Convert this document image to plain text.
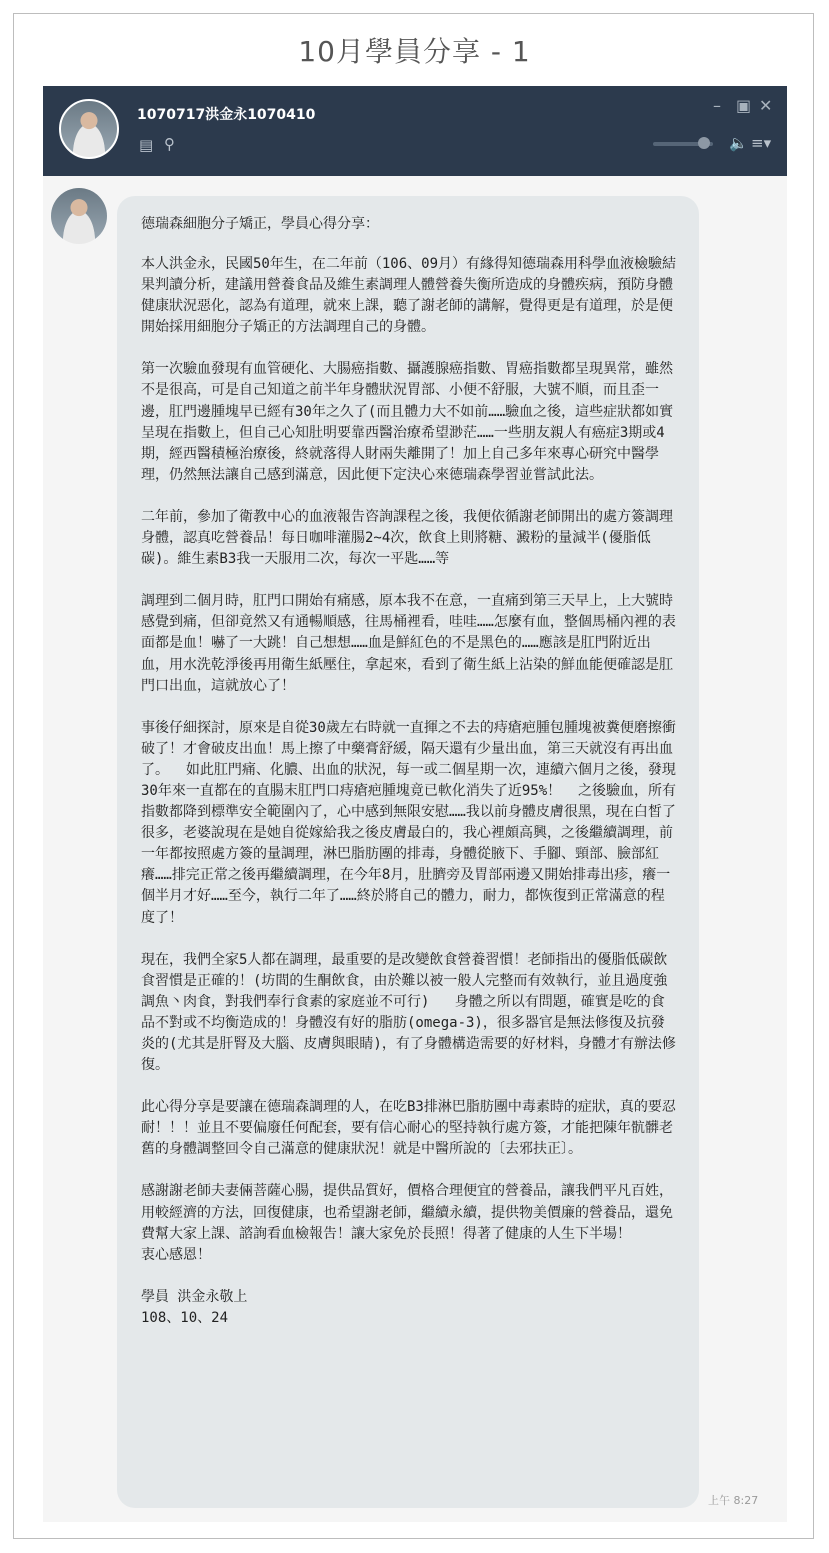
10月學員分享 - 1
1070717洪金永1070410
▤ ⚲
– ▣ ✕
🔈 ≡▾

德瑞森細胞分子矯正，學員心得分享：

本人洪金永，民國50年生，在二年前（106、09月）有緣得知德瑞森用科學血液檢驗結果判讀分析，建議用營養食品及維生素調理人體營養失衡所造成的身體疾病，預防身體健康狀況惡化，認為有道理，就來上課，聽了謝老師的講解，覺得更是有道理，於是便開始採用細胞分子矯正的方法調理自己的身體。

第一次驗血發現有血管硬化、大腸癌指數、攝護腺癌指數、胃癌指數都呈現異常，雖然不是很高，可是自己知道之前半年身體狀況胃部、小便不舒服，大號不順，而且歪一邊，肛門邊腫塊早已經有30年之久了(而且體力大不如前……驗血之後，這些症狀都如實呈現在指數上，但自己心知肚明要靠西醫治療希望渺茫……一些朋友親人有癌症3期或4期，經西醫積極治療後，終就落得人財兩失離開了！加上自己多年來專心研究中醫學理，仍然無法讓自己感到滿意，因此便下定決心來德瑞森學習並嘗試此法。

二年前，參加了衛教中心的血液報告咨詢課程之後，我便依循謝老師開出的處方簽調理身體，認真吃營養品！每日咖啡灌腸2~4次，飲食上則將糖、澱粉的量減半(優脂低碳)。維生素B3我一天服用二次，每次一平匙……等

調理到二個月時，肛門口開始有痛感，原本我不在意，一直痛到第三天早上，上大號時感覺到痛，但卻竟然又有通暢順感，往馬桶裡看，哇哇……怎麼有血，整個馬桶內裡的表面都是血！嚇了一大跳！自己想想……血是鮮紅色的不是黑色的……應該是肛門附近出血，用水洗乾淨後再用衛生紙壓住，拿起來，看到了衛生紙上沾染的鮮血能便確認是肛門口出血，這就放心了！

事後仔細探討，原來是自從30歲左右時就一直揮之不去的痔瘡疤腫包腫塊被糞便磨擦衝破了！才會破皮出血！馬上擦了中藥膏舒緩，隔天還有少量出血，第三天就沒有再出血了。  如此肛門痛、化膿、出血的狀況，每一或二個星期一次，連續六個月之後，發現30年來一直都在的直腸末肛門口痔瘡疤腫塊竟已軟化消失了近95%！  之後驗血，所有指數都降到標準安全範圍內了，心中感到無限安慰……我以前身體皮膚很黑，現在白皙了很多，老婆說現在是她自從嫁給我之後皮膚最白的，我心裡頗高興，之後繼續調理，前一年都按照處方簽的量調理，淋巴脂肪團的排毒，身體從腋下、手腳、頸部、臉部紅癢……排完正常之後再繼續調理，在今年8月，肚臍旁及胃部兩邊又開始排毒出疹，癢一個半月才好……至今，執行二年了……終於將自己的體力，耐力，都恢復到正常滿意的程度了！

現在，我們全家5人都在調理，最重要的是改變飲食營養習慣！老師指出的優脂低碳飲食習慣是正確的！(坊間的生酮飲食，由於難以被一般人完整而有效執行，並且過度強調魚丶肉食，對我們奉行食素的家庭並不可行)   身體之所以有問題，確實是吃的食品不對或不均衡造成的！身體沒有好的脂肪(omega-3)，很多器官是無法修復及抗發炎的(尤其是肝腎及大腦、皮膚與眼睛)，有了身體構造需要的好材料，身體才有辦法修復。

此心得分享是要讓在德瑞森調理的人，在吃B3排淋巴脂肪團中毒素時的症狀，真的要忍耐！！！並且不要偏廢任何配套，要有信心耐心的堅持執行處方簽，才能把陳年骯髒老舊的身體調整回令自己滿意的健康狀況！就是中醫所說的〔去邪扶正〕。

感謝謝老師夫妻倆菩薩心腸，提供品質好，價格合理便宜的營養品，讓我們平凡百姓，用較經濟的方法，回復健康，也希望謝老師，繼續永續，提供物美價廉的營養品，還免費幫大家上課、諮詢看血檢報告！讓大家免於長照！得著了健康的人生下半場！
衷心感恩！

學員 洪金永敬上

108、10、24

上午 8:27
